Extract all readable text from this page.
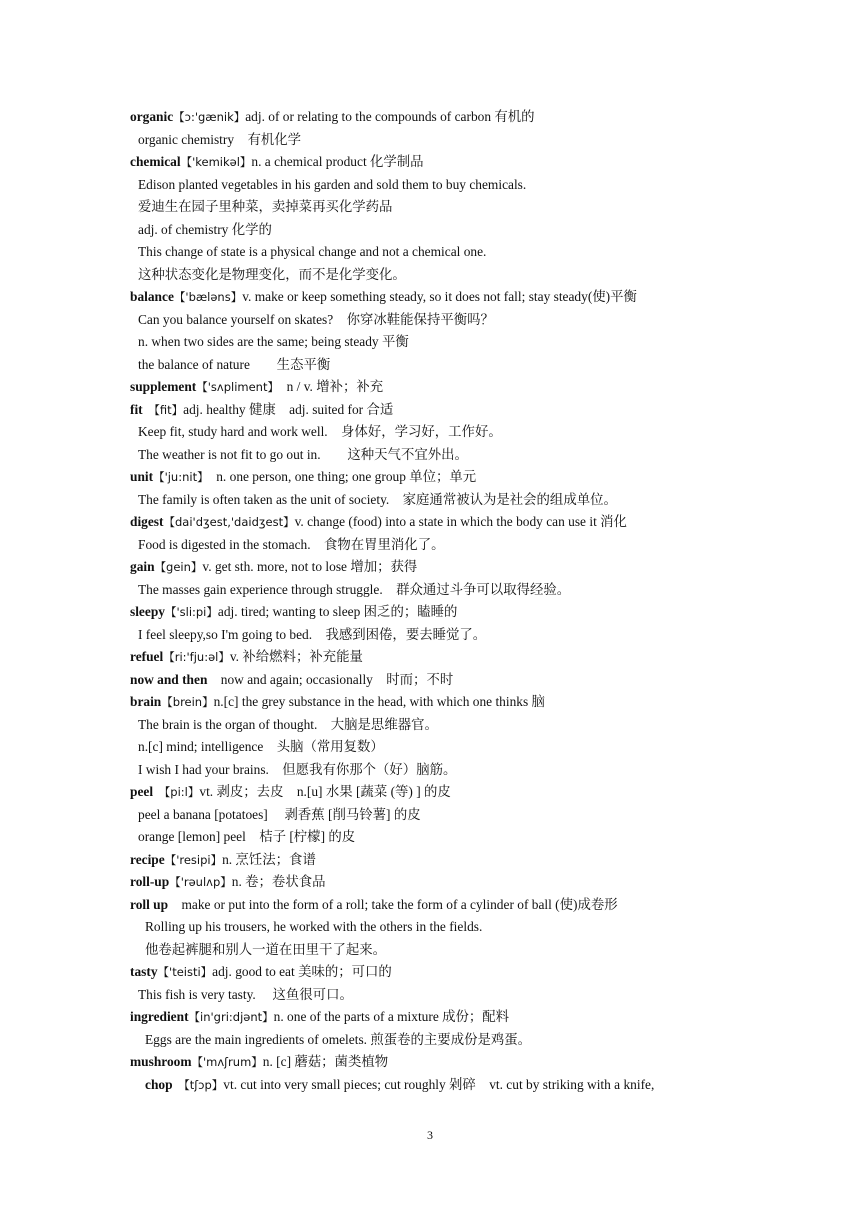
organic【ɔ:'gænik】adj. of or relating to the compounds of carbon 有机的
organic chemistry　有机化学
chemical【'kemikəl】n. a chemical product 化学制品
Edison planted vegetables in his garden and sold them to buy chemicals.
爱迪生在园子里种菜，卖掉菜再买化学药品
adj. of chemistry 化学的
This change of state is a physical change and not a chemical one.
这种状态变化是物理变化，而不是化学变化。
balance【'bæləns】v. make or keep something steady, so it does not fall; stay steady(使)平衡
Can you balance yourself on skates?　你穿冰鞋能保持平衡吗？
n. when two sides are the same; being steady 平衡
the balance of nature　　生态平衡
supplement【'sʌpliment】　n / v. 增补；补充
fit　【fit】adj. healthy 健康　adj. suited for 合适
Keep fit, study hard and work well.　身体好，学习好，工作好。
The weather is not fit to go out in.　　这种天气不宜外出。
unit【'ju:nit】　n. one person, one thing; one group 单位；单元
The family is often taken as the unit of society.　家庭通常被认为是社会的组成单位。
digest【dai'dʒest,'daidʒest】v. change (food) into a state in which the body can use it 消化
Food is digested in the stomach.　食物在胃里消化了。
gain【gein】v. get sth. more, not to lose 增加；获得
The masses gain experience through struggle.　群众通过斗争可以取得经验。
sleepy【'sli:pi】adj. tired; wanting to sleep 困乏的；瞌睡的
I feel sleepy,so I'm going to bed.　我感到困倦，要去睡觉了。
refuel【ri:'fju:əl】v. 补给燃料；补充能量
now and then　now and again; occasionally　时而；不时
brain【brein】n.[c] the grey substance in the head, with which one thinks 脑
The brain is the organ of thought.　大脑是思维器官。
n.[c] mind; intelligence　头脑（常用复数）
I wish I had your brains.　但愿我有你那个（好）脑筋。
peel　【pi:l】vt. 剥皮；去皮　n.[u] 水果 [蔬菜 (等) ] 的皮
peel a banana [potatoes]　 剥香蕉 [削马铃薯] 的皮
orange [lemon] peel　桔子 [柠檬] 的皮
recipe【'resipi】n. 烹饪法；食谱
roll-up【'rəulʌp】n. 卷；卷状食品
roll up　make or put into the form of a roll; take the form of a cylinder of ball (使)成卷形
Rolling up his trousers, he worked with the others in the fields.
他卷起裤腿和别人一道在田里干了起来。
tasty【'teisti】adj. good to eat 美味的；可口的
This fish is very tasty.　 这鱼很可口。
ingredient【in'gri:djənt】n. one of the parts of a mixture 成份；配料
Eggs are the main ingredients of omelets. 煎蛋卷的主要成份是鸡蛋。
mushroom【'mʌʃrum】n. [c] 蘑菇；菌类植物
chop　【tʃɔp】vt. cut into very small pieces; cut roughly 剁碎　vt. cut by striking with a knife,
3
